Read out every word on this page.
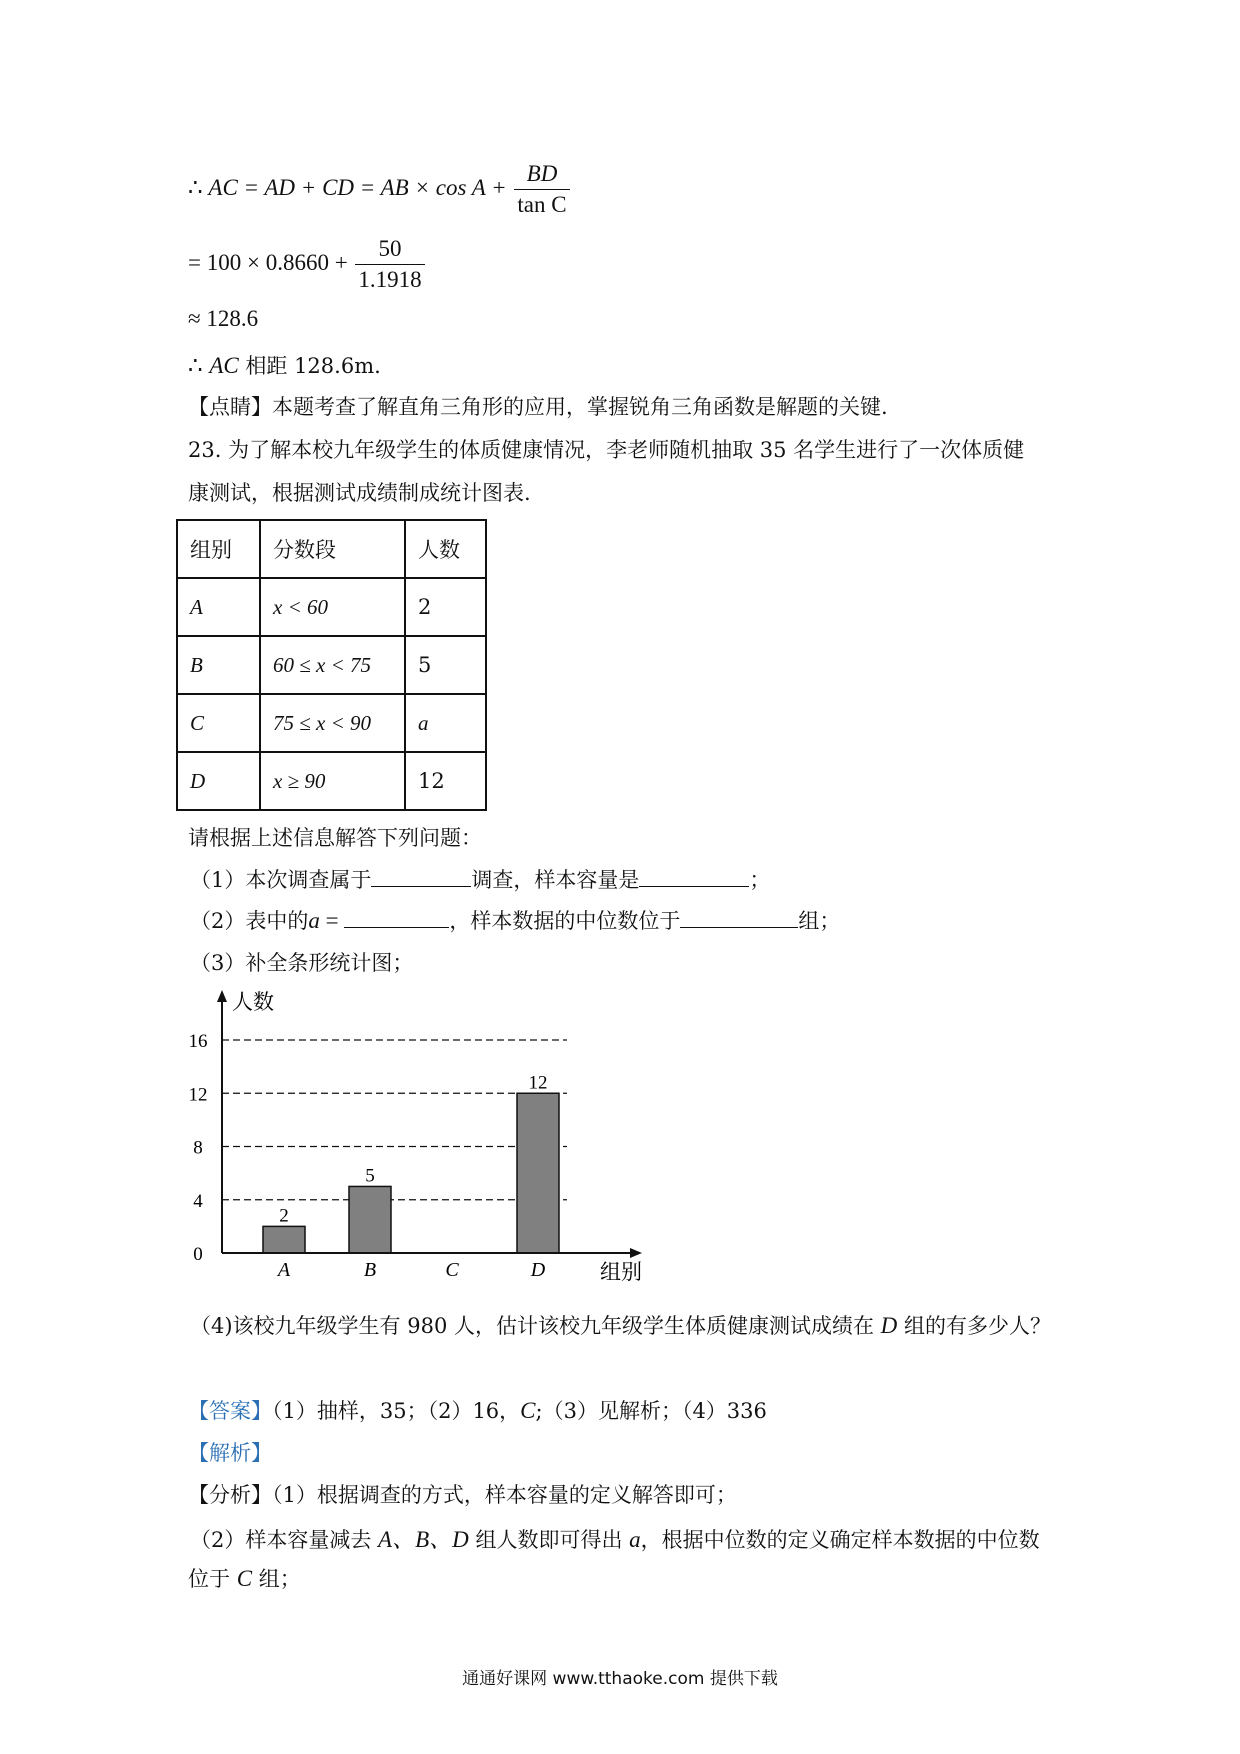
∴ AC = AD + CD = AB × $\cos A + \frac{BD}{\text{tan C}}$
= $100 \times 0.8660 + \frac{50}{1.1918}$
≈ 128.6
∴ AC 相距 128.6m.
【点睛】本题考查了解直角三角形的应用，掌握锐角三角函数是解题的关键.
23. 为了解本校九年级学生的体质健康情况，李老师随机抽取 35 名学生进行了一次体质健
康测试，根据测试成绩制成统计图表.
组别	分数段	人数
A	x < 60	2
B	60 ≤ x < 75	5
C	75 ≤ x < 90	a
D	x ≥ 90	12
请根据上述信息解答下列问题：
（1）本次调查属于	调查，样本容量是	；
（2）表中的a =	，样本数据的中位数位于	组；
（3）补全条形统计图；
0
4
8
12
16
2
A
5
B	C
12
D
人数
组别
（4)该校九年级学生有 980 人，估计该校九年级学生体质健康测试成绩在 D 组的有多少人？
【答案】（1）抽样，35；（2）16，C;（3）见解析；（4）336
【解析】
【分析】（1）根据调查的方式，样本容量的定义解答即可；
（2）样本容量减去 A、B、D 组人数即可得出 a，根据中位数的定义确定样本数据的中位数
位于 C 组；
通通好课网 www.tthaoke.com 提供下载
